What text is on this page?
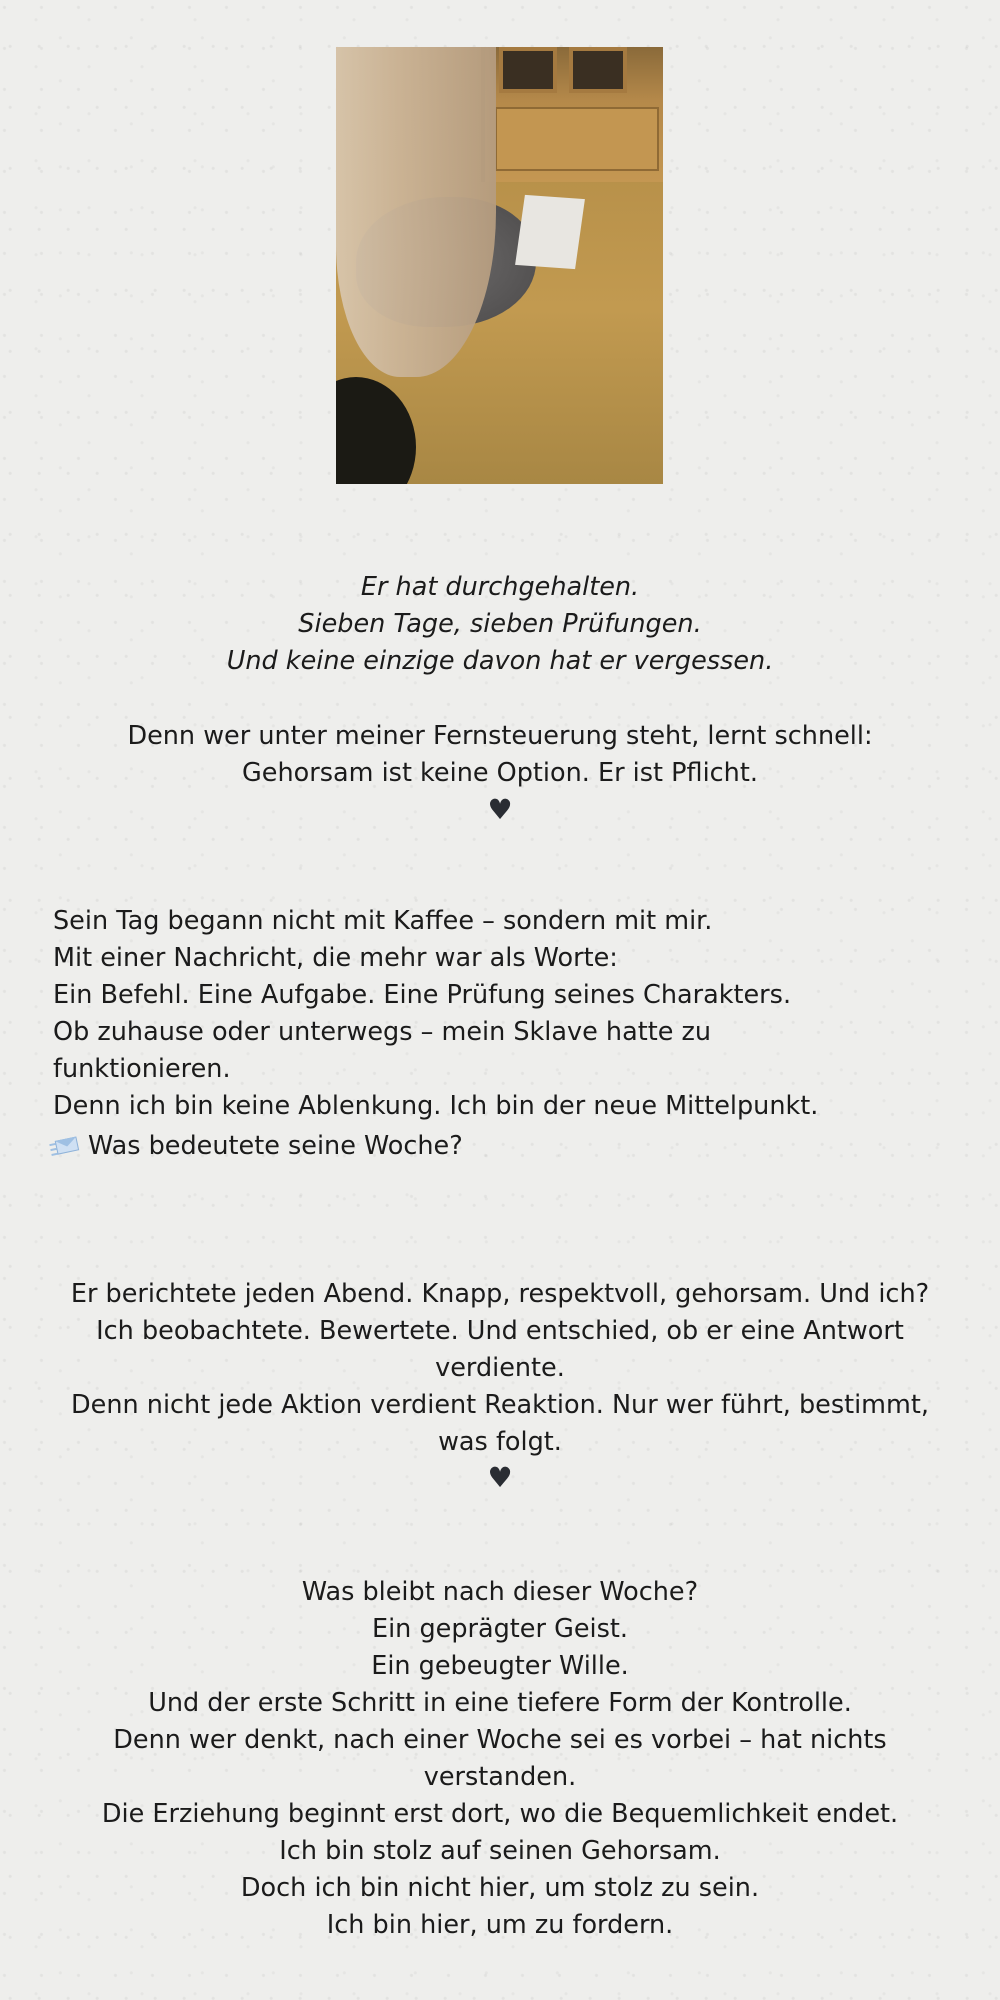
Er hat durchgehalten.
Sieben Tage, sieben Prüfungen.
Und keine einzige davon hat er vergessen.

Denn wer unter meiner Fernsteuerung steht, lernt schnell:
Gehorsam ist keine Option. Er ist Pflicht.

♥

Sein Tag begann nicht mit Kaffee – sondern mit mir.
Mit einer Nachricht, die mehr war als Worte:
Ein Befehl. Eine Aufgabe. Eine Prüfung seines Charakters.
Ob zuhause oder unterwegs – mein Sklave hatte zu funktionieren.
Denn ich bin keine Ablenkung. Ich bin der neue Mittelpunkt.

Was bedeutete seine Woche?

Er berichtete jeden Abend. Knapp, respektvoll, gehorsam. Und ich? Ich beobachtete. Bewertete. Und entschied, ob er eine Antwort verdiente.
Denn nicht jede Aktion verdient Reaktion. Nur wer führt, bestimmt, was folgt.

♥

Was bleibt nach dieser Woche?
Ein geprägter Geist.
Ein gebeugter Wille.
Und der erste Schritt in eine tiefere Form der Kontrolle.
Denn wer denkt, nach einer Woche sei es vorbei – hat nichts verstanden.
Die Erziehung beginnt erst dort, wo die Bequemlichkeit endet.
Ich bin stolz auf seinen Gehorsam.
Doch ich bin nicht hier, um stolz zu sein.
Ich bin hier, um zu fordern.
